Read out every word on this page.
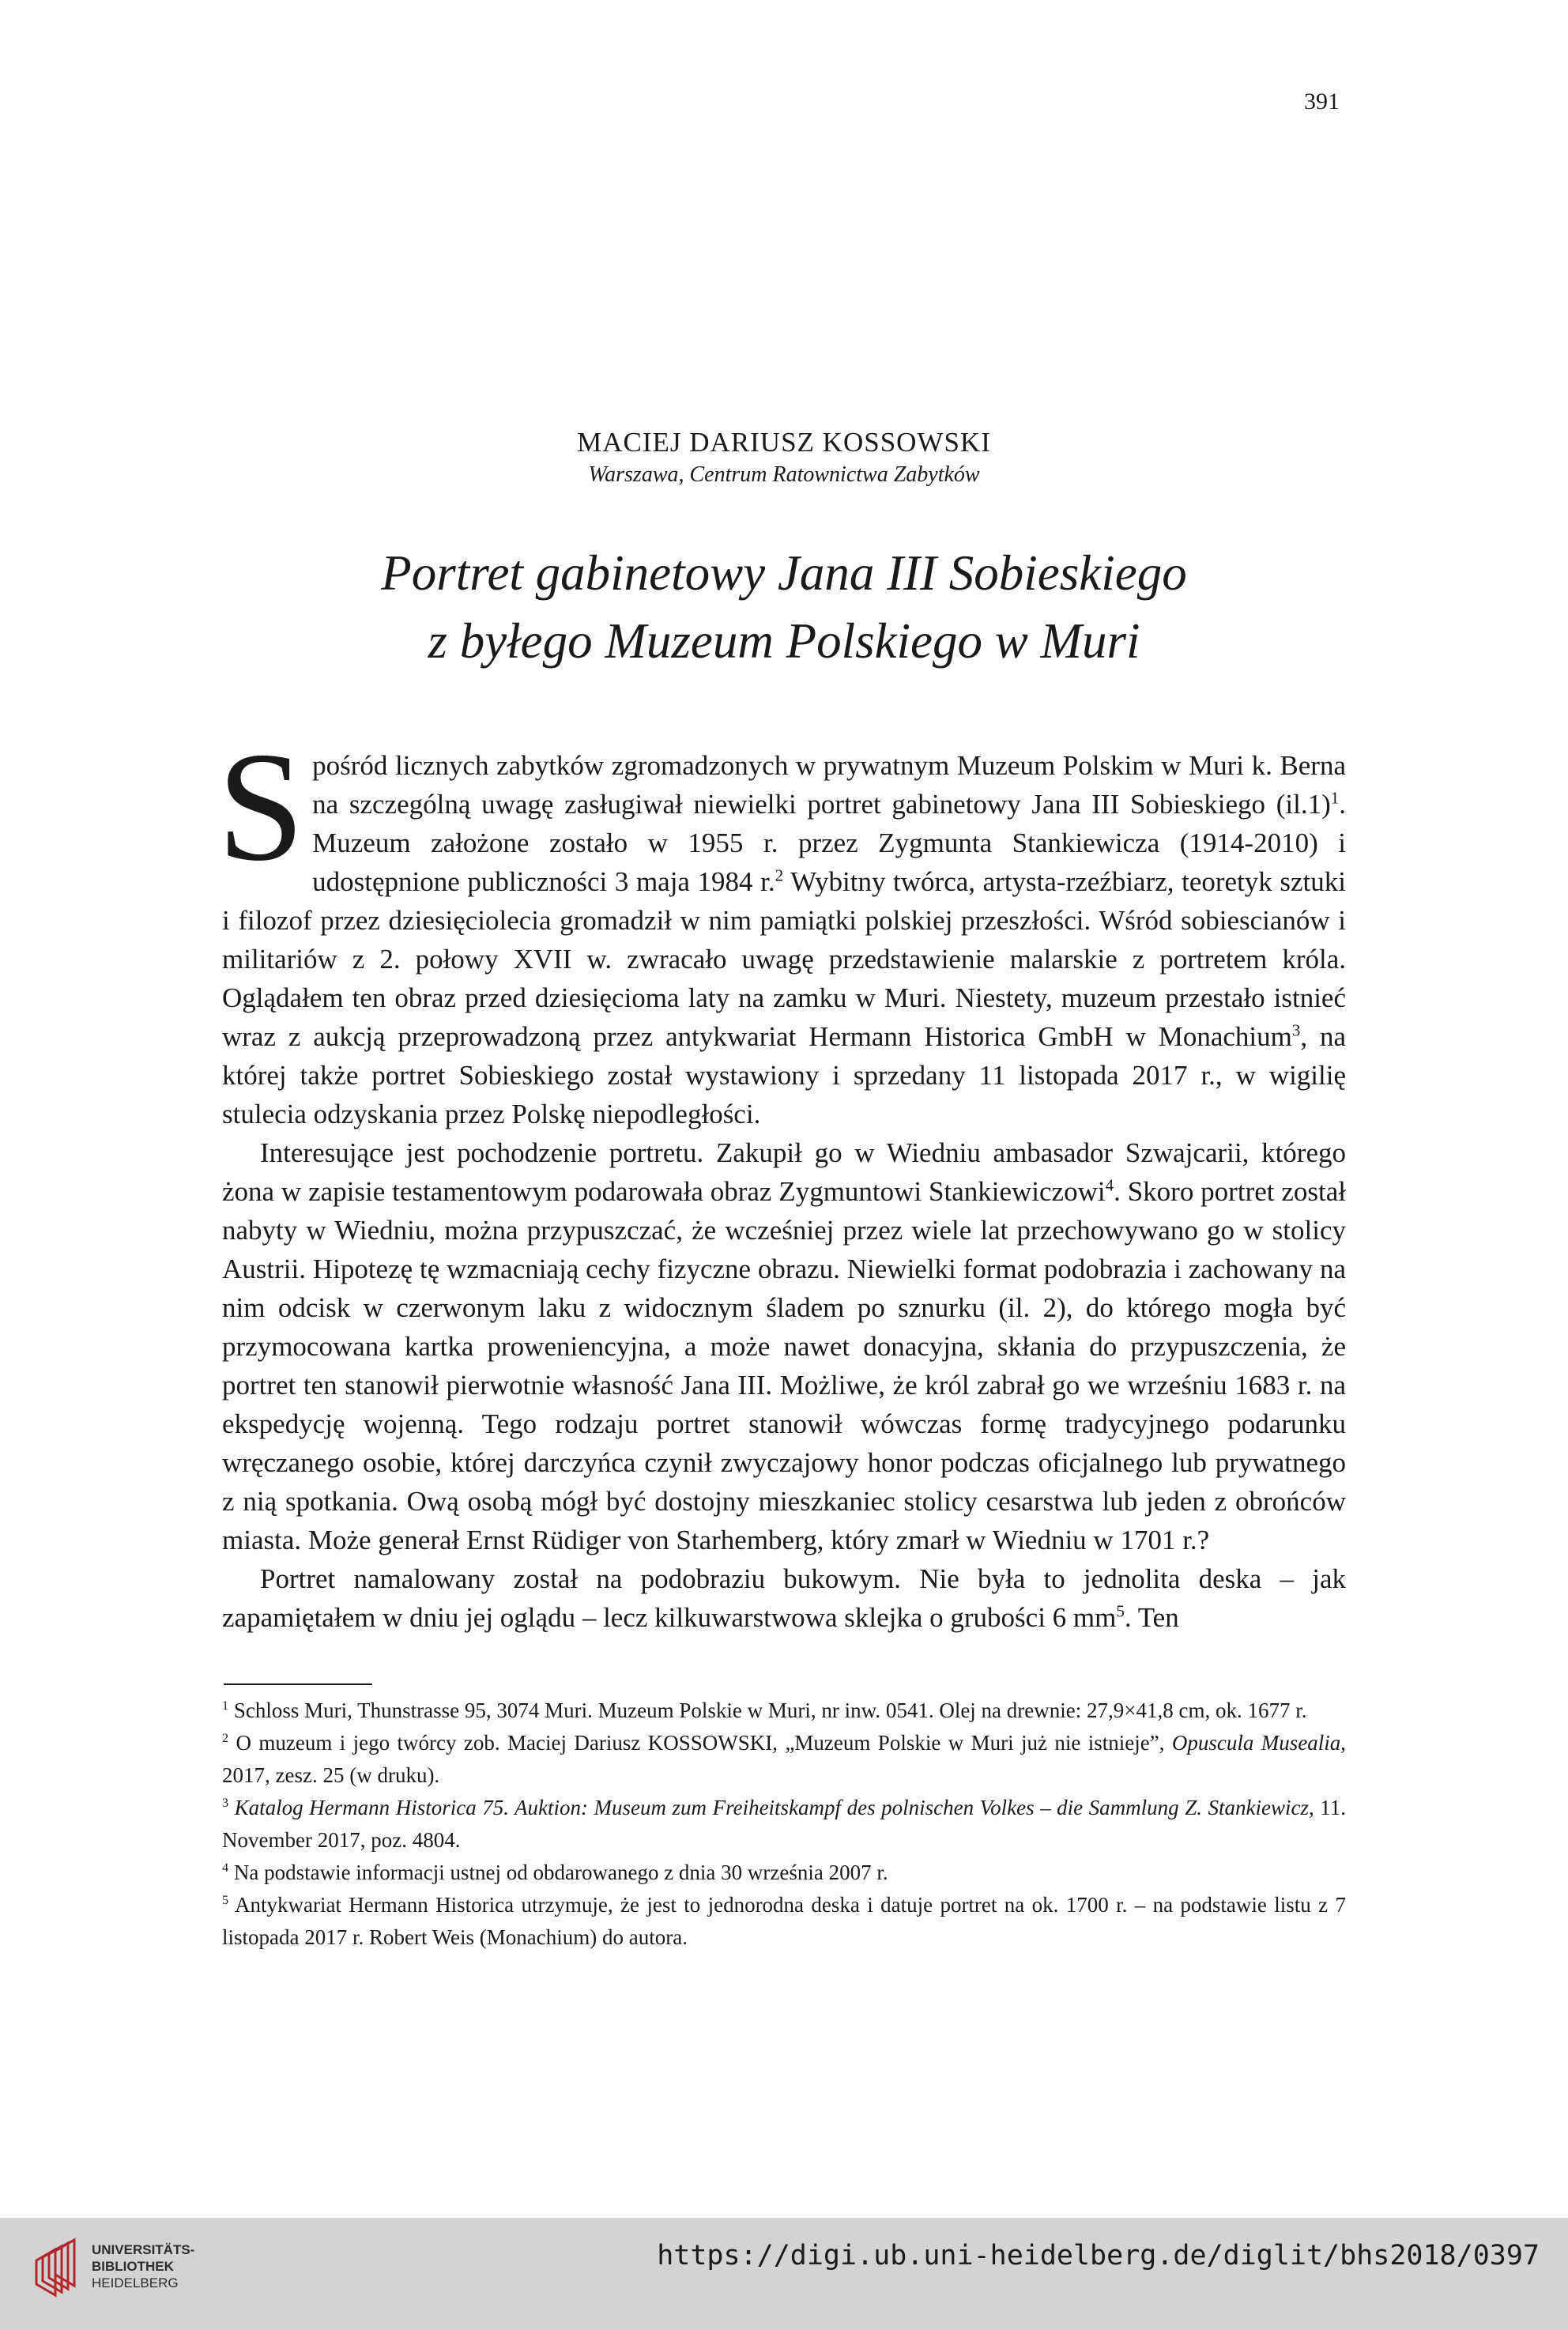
391
MACIEJ DARIUSZ KOSSOWSKI
Warszawa, Centrum Ratownictwa Zabytków
Portret gabinetowy Jana III Sobieskiego
z byłego Muzeum Polskiego w Muri

Spośród licznych zabytków zgromadzonych w prywatnym Muzeum Polskim w Muri k. Berna na szczególną uwagę zasługiwał niewielki portret gabinetowy Jana III Sobieskiego $(il.1)^1$. Muzeum założone zostało w 1955 r. przez Zygmunta Stankiewicza (1914-2010) i udostępnione publiczności 3 maja 1984 r.$^2$ Wybitny twórca, artysta-rzeźbiarz, teoretyk sztuki i filozof przez dziesięciolecia gromadził w nim pamiątki polskiej przeszłości. Wśród sobiescianów i militariów z 2. połowy XVII w. zwracało uwagę przedstawienie malarskie z portretem króla. Oglądałem ten obraz przed dziesięcioma laty na zamku w Muri. Niestety, muzeum przestało istnieć wraz z aukcją przeprowadzoną przez antykwariat Hermann Historica GmbH w Monachium$^3$, na której także portret Sobieskiego został wystawiony i sprzedany 11 listopada 2017 r., w wigilię stulecia odzyskania przez Polskę niepodległości.

Interesujące jest pochodzenie portretu. Zakupił go w Wiedniu ambasador Szwajcarii, którego żona w zapisie testamentowym podarowała obraz Zygmuntowi Stankiewiczowi$^4$. Skoro portret został nabyty w Wiedniu, można przypuszczać, że wcześniej przez wiele lat przechowywano go w stolicy Austrii. Hipotezę tę wzmacniają cechy fizyczne obrazu. Niewielki format podobrazia i zachowany na nim odcisk w czerwonym laku z widocznym śladem po sznurku (il. 2), do którego mogła być przymocowana kartka proweniencyjna, a może nawet donacyjna, skłania do przypuszczenia, że portret ten stanowił pierwotnie własność Jana III. Możliwe, że król zabrał go we wrześniu 1683 r. na ekspedycję wojenną. Tego rodzaju portret stanowił wówczas formę tradycyjnego podarunku wręczanego osobie, której darczyńca czynił zwyczajowy honor podczas oficjalnego lub prywatnego z nią spotkania. Ową osobą mógł być dostojny mieszkaniec stolicy cesarstwa lub jeden z obrońców miasta. Może generał Ernst Rüdiger von Starhemberg, który zmarł w Wiedniu w 1701 r.?

Portret namalowany został na podobraziu bukowym. Nie była to jednolita deska – jak zapamiętałem w dniu jej oglądu – lecz kilkuwarstwowa sklejka o grubości 6 $mm^5$. Ten

$^1$ Schloss Muri, Thunstrasse 95, 3074 Muri. Muzeum Polskie w Muri, nr inw. 0541. Olej na drewnie: 27,9×41,8 cm, ok. 1677 r.

$^2$ O muzeum i jego twórcy zob. Maciej Dariusz KOSSOWSKI, „Muzeum Polskie w Muri już nie istnieje”, Opuscula Musealia, 2017, zesz. 25 (w druku).

$^3$ Katalog Hermann Historica 75. Auktion: Museum zum Freiheitskampf des polnischen Volkes – die Sammlung Z. Stankiewicz, 11. November 2017, poz. 4804.

$^4$ Na podstawie informacji ustnej od obdarowanego z dnia 30 września 2007 r.

$^5$ Antykwariat Hermann Historica utrzymuje, że jest to jednorodna deska i datuje portret na ok. 1700 r. – na podstawie listu z 7 listopada 2017 r. Robert Weis (Monachium) do autora.

UNIVERSITÄTS-
BIBLIOTHEK
HEIDELBERG
https://digi.ub.uni-heidelberg.de/diglit/bhs2018/0397
